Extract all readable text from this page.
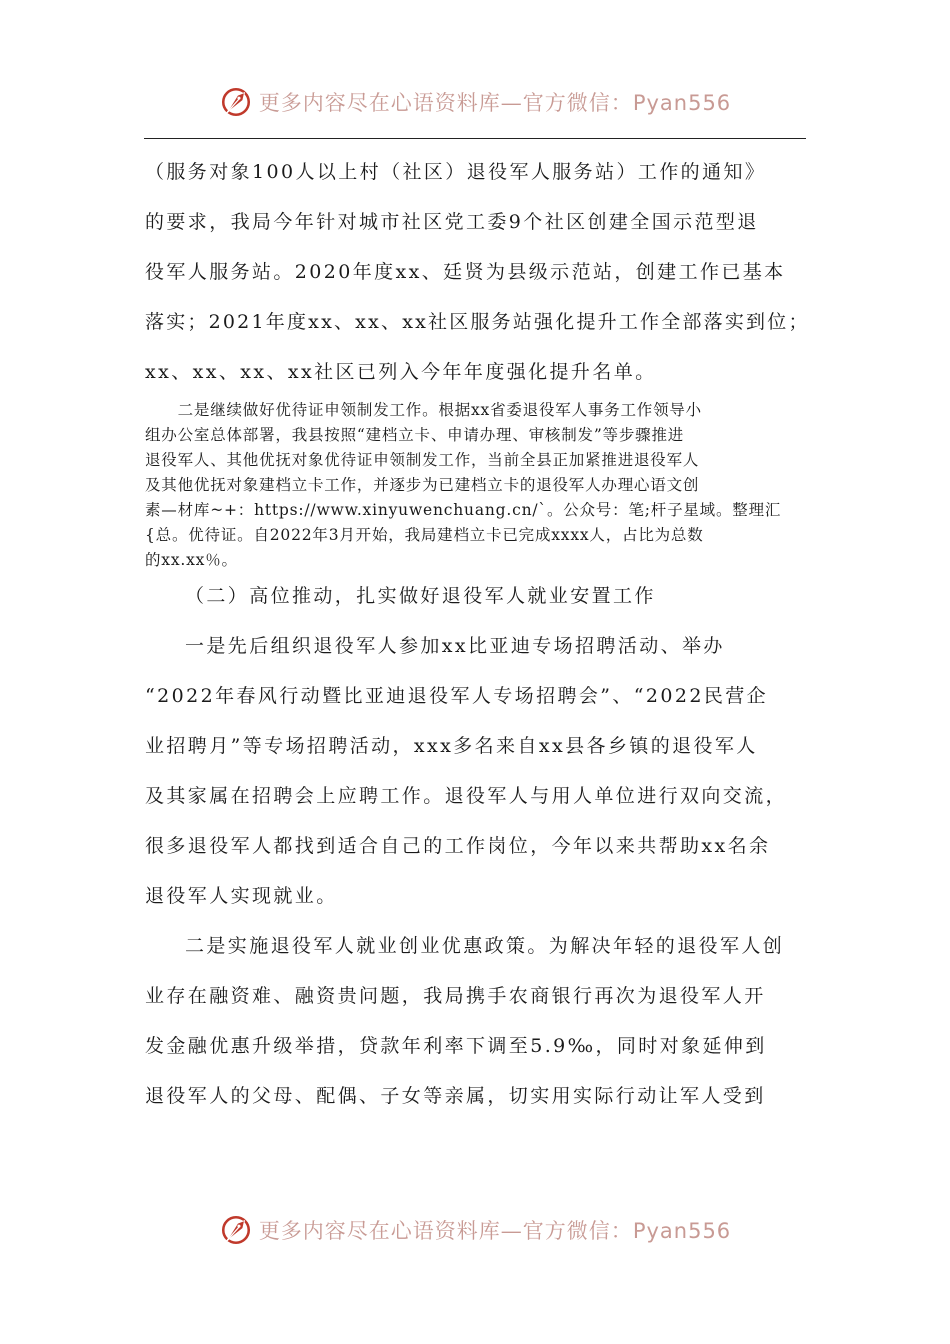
更多内容尽在心语资料库—官方微信：Pyan556

（服务对象100人以上村（社区）退役军人服务站）工作的通知》

的要求，我局今年针对城市社区党工委9个社区创建全国示范型退

役军人服务站。2020年度xx、廷贤为县级示范站，创建工作已基本

落实；2021年度xx、xx、xx社区服务站强化提升工作全部落实到位；

xx、xx、xx、xx社区已列入今年年度强化提升名单。

　　二是继续做好优待证申领制发工作。根据xx省委退役军人事务工作领导小

组办公室总体部署，我县按照“建档立卡、申请办理、审核制发”等步骤推进

退役军人、其他优抚对象优待证申领制发工作，当前全县正加紧推进退役军人

及其他优抚对象建档立卡工作，并逐步为已建档立卡的退役军人办理心语文创

素—材库~+：https://www.xinyuwenchuang.cn/`。公众号：笔;杆子星域。整理汇

{总。优待证。自2022年3月开始，我局建档立卡已完成xxxx人，占比为总数

的xx.xx％。

（二）高位推动，扎实做好退役军人就业安置工作

一是先后组织退役军人参加xx比亚迪专场招聘活动、举办

“2022年春风行动暨比亚迪退役军人专场招聘会”、“2022民营企

业招聘月”等专场招聘活动，xxx多名来自xx县各乡镇的退役军人

及其家属在招聘会上应聘工作。退役军人与用人单位进行双向交流，

很多退役军人都找到适合自己的工作岗位，今年以来共帮助xx名余

退役军人实现就业。

二是实施退役军人就业创业优惠政策。为解决年轻的退役军人创

业存在融资难、融资贵问题，我局携手农商银行再次为退役军人开

发金融优惠升级举措，贷款年利率下调至5.9‰，同时对象延伸到

退役军人的父母、配偶、子女等亲属，切实用实际行动让军人受到

更多内容尽在心语资料库—官方微信：Pyan556
